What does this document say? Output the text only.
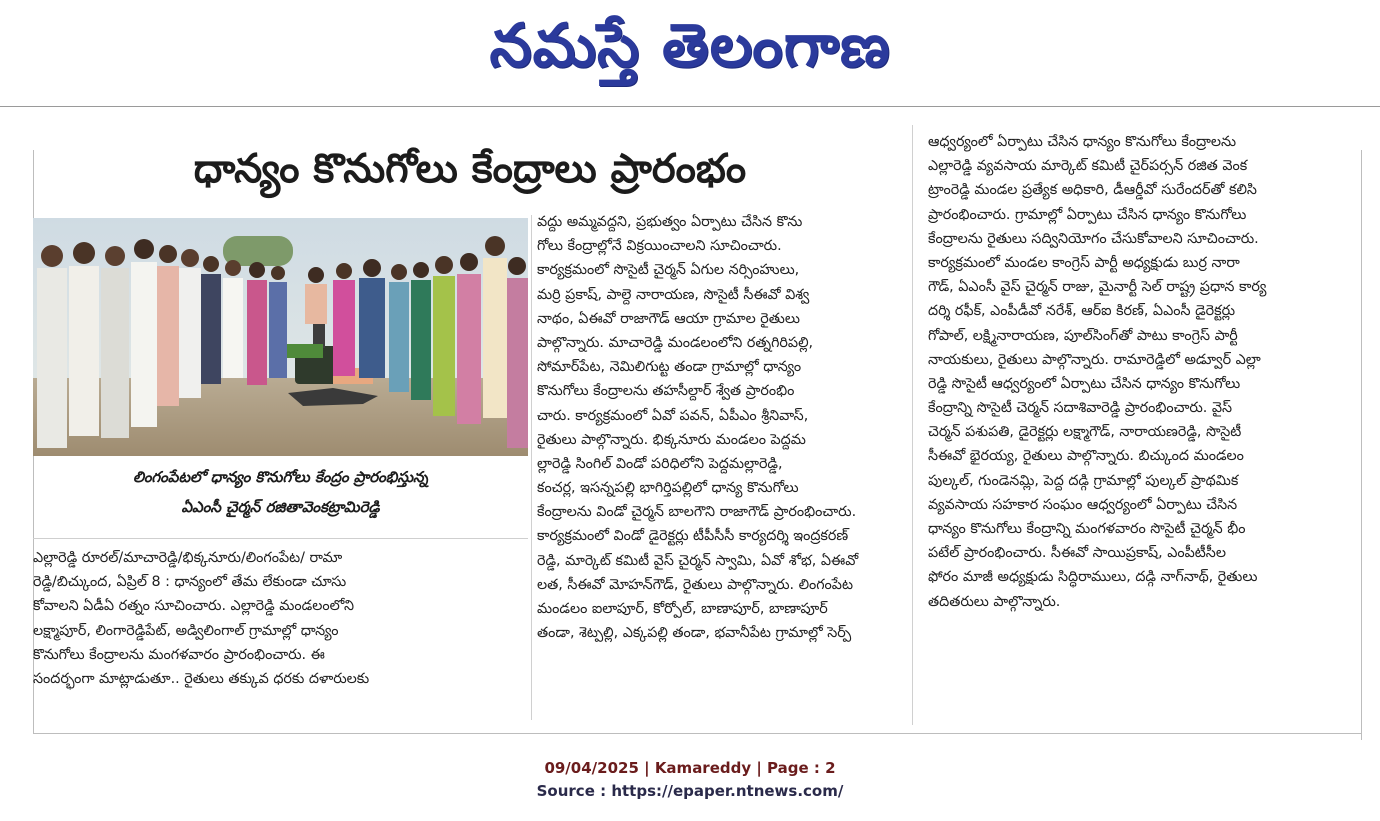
నమస్తే తెలంగాణ
ధాన్యం కొనుగోలు కేంద్రాలు ప్రారంభం
లింగంపేటలో ధాన్యం కొనుగోలు కేంద్రం ప్రారంభిస్తున్న
ఏఎంసీ చైర్మన్ రజితావెంకట్రామిరెడ్డి
ఎల్లారెడ్డి రూరల్/మాచారెడ్డి/భిక్కనూరు/లింగంపేట/ రామా
రెడ్డి/బిచ్కుంద, ఏప్రిల్ 8 : ధాన్యంలో తేమ లేకుండా చూసు
కోవాలని ఏడీఏ రత్నం సూచించారు. ఎల్లారెడ్డి మండలంలోని
లక్ష్మాపూర్, లింగారెడ్డిపేట్, అడ్విలింగాల్ గ్రామాల్లో ధాన్యం
కొనుగోలు కేంద్రాలను మంగళవారం ప్రారంభించారు. ఈ
సందర్భంగా మాట్లాడుతూ.. రైతులు తక్కువ ధరకు దళారులకు
వద్దు అమ్మవద్దని, ప్రభుత్వం ఏర్పాటు చేసిన కొను
గోలు కేంద్రాల్లోనే విక్రయించాలని సూచించారు.
కార్యక్రమంలో సొసైటీ చైర్మన్ ఏగుల నర్సింహులు,
మర్రి ప్రకాష్, పాల్దె నారాయణ, సొసైటీ సీఈవో విశ్వ
నాథం, ఏఈవో రాజాగౌడ్ ఆయా గ్రామాల రైతులు
పాల్గొన్నారు. మాచారెడ్డి మండలంలోని రత్నగిరిపల్లి,
సోమార్‌పేట, నెమిలిగుట్ట తండా గ్రామాల్లో ధాన్యం
కొనుగోలు కేంద్రాలను తహసీల్దార్ శ్వేత ప్రారంభిం
చారు. కార్యక్రమంలో ఏవో పవన్, ఏపీఎం శ్రీనివాస్,
రైతులు పాల్గొన్నారు. భిక్కనూరు మండలం పెద్దమ
ల్లారెడ్డి సింగిల్ విండో పరిధిలోని పెద్దమల్లారెడ్డి,
కంచర్ల, ఇసన్నపల్లి భాగిర్తిపల్లిలో ధాన్య కొనుగోలు
కేంద్రాలను విండో చైర్మన్ బాలగౌని రాజాగౌడ్ ప్రారంభించారు.
కార్యక్రమంలో విండో డైరెక్టర్లు టీపీసీసీ కార్యదర్శి ఇంద్రకరణ్
రెడ్డి, మార్కెట్ కమిటీ వైస్ చైర్మన్ స్వామి, ఏవో శోభ, ఏఈవో
లత, సీఈవో మోహన్‌గౌడ్, రైతులు పాల్గొన్నారు. లింగంపేట
మండలం ఐలాపూర్, కోర్పోల్, బాణాపూర్, బాణాపూర్
తండా, శెట్పల్లి, ఎక్కపల్లి తండా, భవానీపేట గ్రామాల్లో సెర్ప్
ఆధ్వర్యంలో ఏర్పాటు చేసిన ధాన్యం కొనుగోలు కేంద్రాలను
ఎల్లారెడ్డి వ్యవసాయ మార్కెట్ కమిటీ చైర్‌పర్సన్ రజిత వెంక
ట్రాంరెడ్డి మండల ప్రత్యేక అధికారి, డీఆర్డీవో సురేందర్‌తో కలిసి
ప్రారంభించారు. గ్రామాల్లో ఏర్పాటు చేసిన ధాన్యం కొనుగోలు
కేంద్రాలను రైతులు సద్వినియోగం చేసుకోవాలని సూచించారు.
కార్యక్రమంలో మండల కాంగ్రెస్ పార్టీ అధ్యక్షుడు బుర్ర నారా
గౌడ్, ఏఎంసీ వైస్ చైర్మన్ రాజు, మైనార్టీ సెల్ రాష్ట్ర ప్రధాన కార్య
దర్శి రఫీక్, ఎంపీడీవో నరేశ్, ఆర్ఐ కిరణ్, ఏఎంసీ డైరెక్టర్లు
గోపాల్, లక్ష్మినారాయణ, పూల్‌సింగ్‌తో పాటు కాంగ్రెస్ పార్టీ
నాయకులు, రైతులు పాల్గొన్నారు. రామారెడ్డిలో అడ్వూర్ ఎల్లా
రెడ్డి సొసైటీ ఆధ్వర్యంలో ఏర్పాటు చేసిన ధాన్యం కొనుగోలు
కేంద్రాన్ని సొసైటీ చెర్మన్ సదాశివారెడ్డి ప్రారంభించారు. వైస్
చెర్మన్ పశుపతి, డైరెక్టర్లు లక్ష్మాగౌడ్, నారాయణరెడ్డి, సొసైటీ
సీఈవో భైరయ్య, రైతులు పాల్గొన్నారు. బిచ్కుంద మండలం
పుల్కల్, గుండెనమ్లి, పెద్ద దడ్గి గ్రామాల్లో పుల్కల్ ప్రాథమిక
వ్యవసాయ సహకార సంఘం ఆధ్వర్యంలో ఏర్పాటు చేసిన
ధాన్యం కొనుగోలు కేంద్రాన్ని మంగళవారం సొసైటీ చైర్మన్ భీం
పటేల్ ప్రారంభించారు. సీఈవో సాయిప్రకాష్, ఎంపీటీసీల
ఫోరం మాజీ అధ్యక్షుడు సిద్ధిరాములు, దడ్గి నాగ్‌నాథ్, రైతులు
తదితరులు పాల్గొన్నారు.
09/04/2025 | Kamareddy | Page : 2
Source : https://epaper.ntnews.com/
